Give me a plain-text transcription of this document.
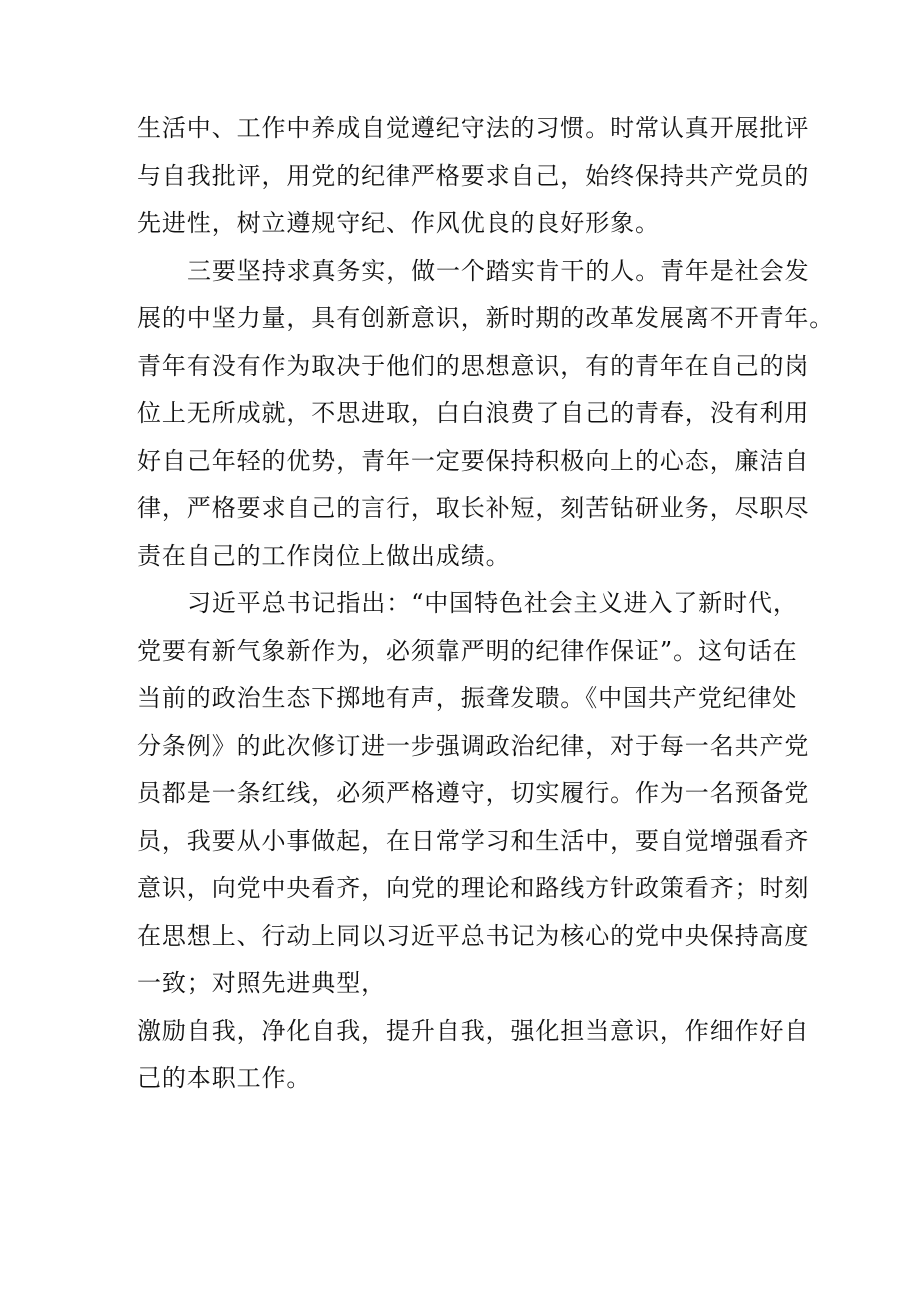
生活中、工作中养成自觉遵纪守法的习惯。时常认真开展批评
与自我批评，用党的纪律严格要求自己，始终保持共产党员的
先进性，树立遵规守纪、作风优良的良好形象。

三要坚持求真务实，做一个踏实肯干的人。青年是社会发
展的中坚力量，具有创新意识，新时期的改革发展离不开青年。
青年有没有作为取决于他们的思想意识，有的青年在自己的岗
位上无所成就，不思进取，白白浪费了自己的青春，没有利用
好自己年轻的优势，青年一定要保持积极向上的心态，廉洁自
律，严格要求自己的言行，取长补短，刻苦钻研业务，尽职尽
责在自己的工作岗位上做出成绩。

习近平总书记指出：“中国特色社会主义进入了新时代，
党要有新气象新作为，必须靠严明的纪律作保证”。这句话在
当前的政治生态下掷地有声，振聋发聩。《中国共产党纪律处
分条例》的此次修订进一步强调政治纪律，对于每一名共产党
员都是一条红线，必须严格遵守，切实履行。作为一名预备党
员，我要从小事做起，在日常学习和生活中，要自觉增强看齐
意识，向党中央看齐，向党的理论和路线方针政策看齐；时刻
在思想上、行动上同以习近平总书记为核心的党中央保持高度
一致；对照先进典型，

激励自我，净化自我，提升自我，强化担当意识，作细作好自
己的本职工作。
